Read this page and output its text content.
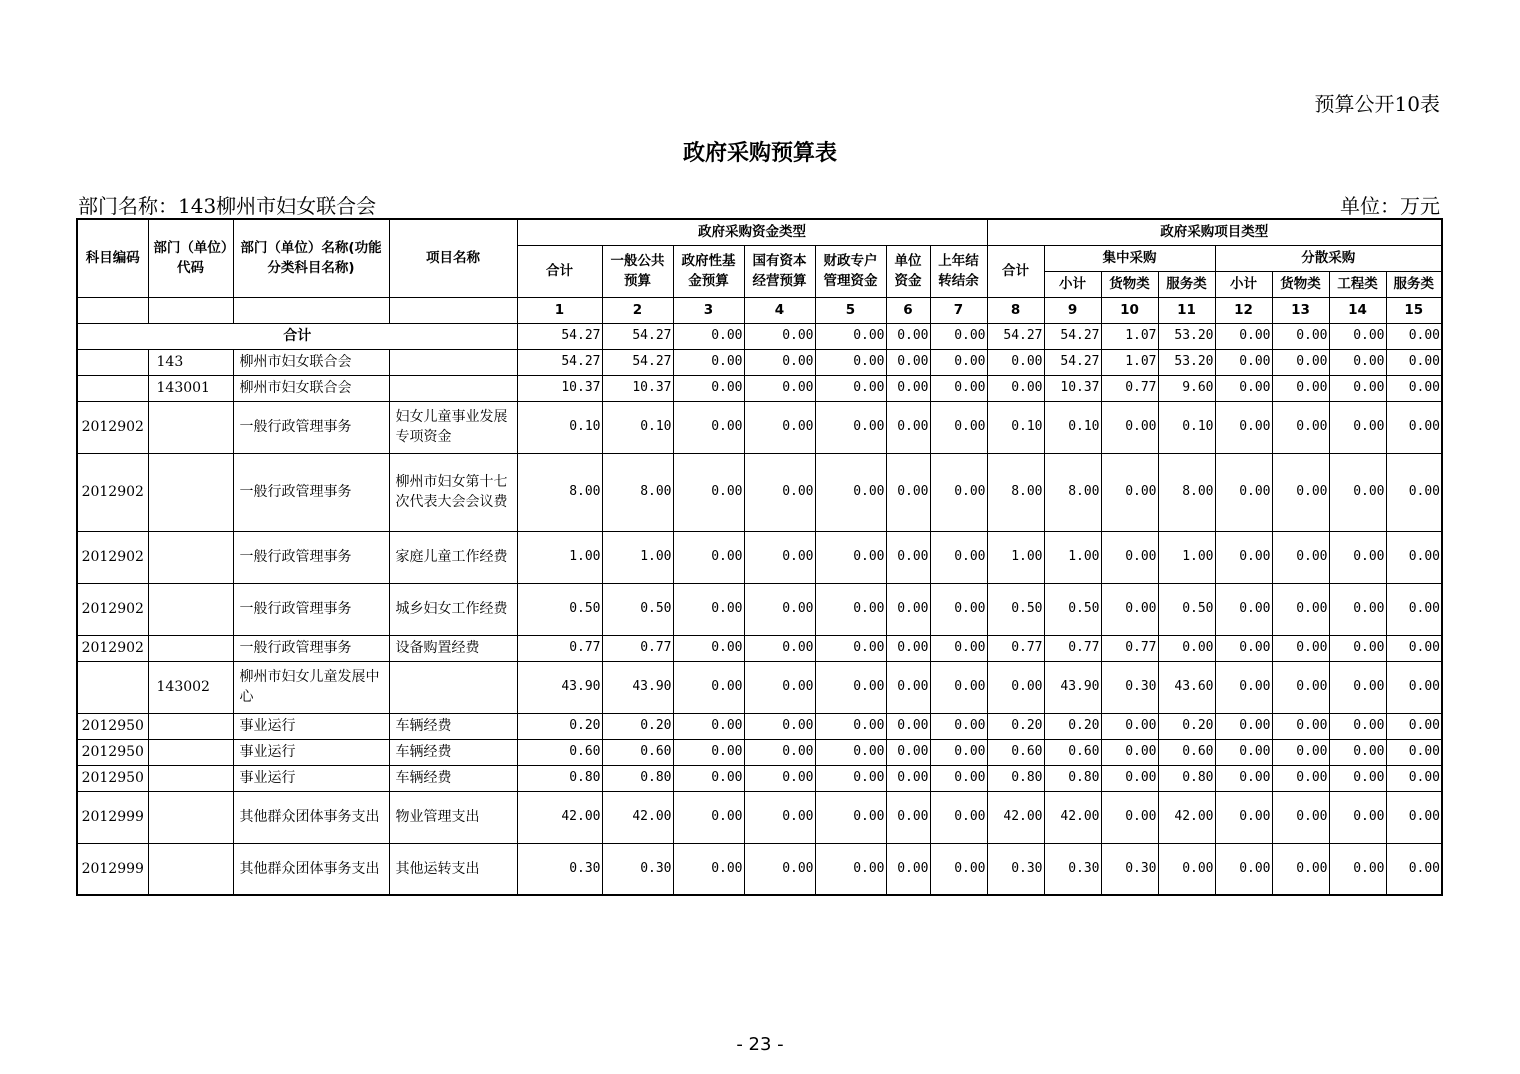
预算公开10表
政府采购预算表
部门名称：143柳州市妇女联合会	单位：万元
科目编码	部门（单位）代码	部门（单位）名称(功能分类科目名称)	项目名称	政府采购资金类型							政府采购项目类型							
				合计	一般公共预算	政府性基金预算	国有资本经营预算	财政专户管理资金	单位资金	上年结转结余	合计	集中采购			分散采购			
												小计	货物类	服务类	小计	货物类	工程类	服务类
				1	2	3	4	5	6	7	8	9	10	11	12	13	14	15
合计				54.27	54.27	0.00	0.00	0.00	0.00	0.00	54.27	54.27	1.07	53.20	0.00	0.00	0.00	0.00
	143	柳州市妇女联合会		54.27	54.27	0.00	0.00	0.00	0.00	0.00	0.00	54.27	1.07	53.20	0.00	0.00	0.00	0.00
	143001	柳州市妇女联合会		10.37	10.37	0.00	0.00	0.00	0.00	0.00	0.00	10.37	0.77	9.60	0.00	0.00	0.00	0.00
2012902		一般行政管理事务	妇女儿童事业发展专项资金	0.10	0.10	0.00	0.00	0.00	0.00	0.00	0.10	0.10	0.00	0.10	0.00	0.00	0.00	0.00
2012902		一般行政管理事务	柳州市妇女第十七次代表大会会议费	8.00	8.00	0.00	0.00	0.00	0.00	0.00	8.00	8.00	0.00	8.00	0.00	0.00	0.00	0.00
2012902		一般行政管理事务	家庭儿童工作经费	1.00	1.00	0.00	0.00	0.00	0.00	0.00	1.00	1.00	0.00	1.00	0.00	0.00	0.00	0.00
2012902		一般行政管理事务	城乡妇女工作经费	0.50	0.50	0.00	0.00	0.00	0.00	0.00	0.50	0.50	0.00	0.50	0.00	0.00	0.00	0.00
2012902		一般行政管理事务	设备购置经费	0.77	0.77	0.00	0.00	0.00	0.00	0.00	0.77	0.77	0.77	0.00	0.00	0.00	0.00	0.00
	143002	柳州市妇女儿童发展中心		43.90	43.90	0.00	0.00	0.00	0.00	0.00	0.00	43.90	0.30	43.60	0.00	0.00	0.00	0.00
2012950		事业运行	车辆经费	0.20	0.20	0.00	0.00	0.00	0.00	0.00	0.20	0.20	0.00	0.20	0.00	0.00	0.00	0.00
2012950		事业运行	车辆经费	0.60	0.60	0.00	0.00	0.00	0.00	0.00	0.60	0.60	0.00	0.60	0.00	0.00	0.00	0.00
2012950		事业运行	车辆经费	0.80	0.80	0.00	0.00	0.00	0.00	0.00	0.80	0.80	0.00	0.80	0.00	0.00	0.00	0.00
2012999		其他群众团体事务支出	物业管理支出	42.00	42.00	0.00	0.00	0.00	0.00	0.00	42.00	42.00	0.00	42.00	0.00	0.00	0.00	0.00
2012999		其他群众团体事务支出	其他运转支出	0.30	0.30	0.00	0.00	0.00	0.00	0.00	0.30	0.30	0.30	0.00	0.00	0.00	0.00	0.00
- 23 -
